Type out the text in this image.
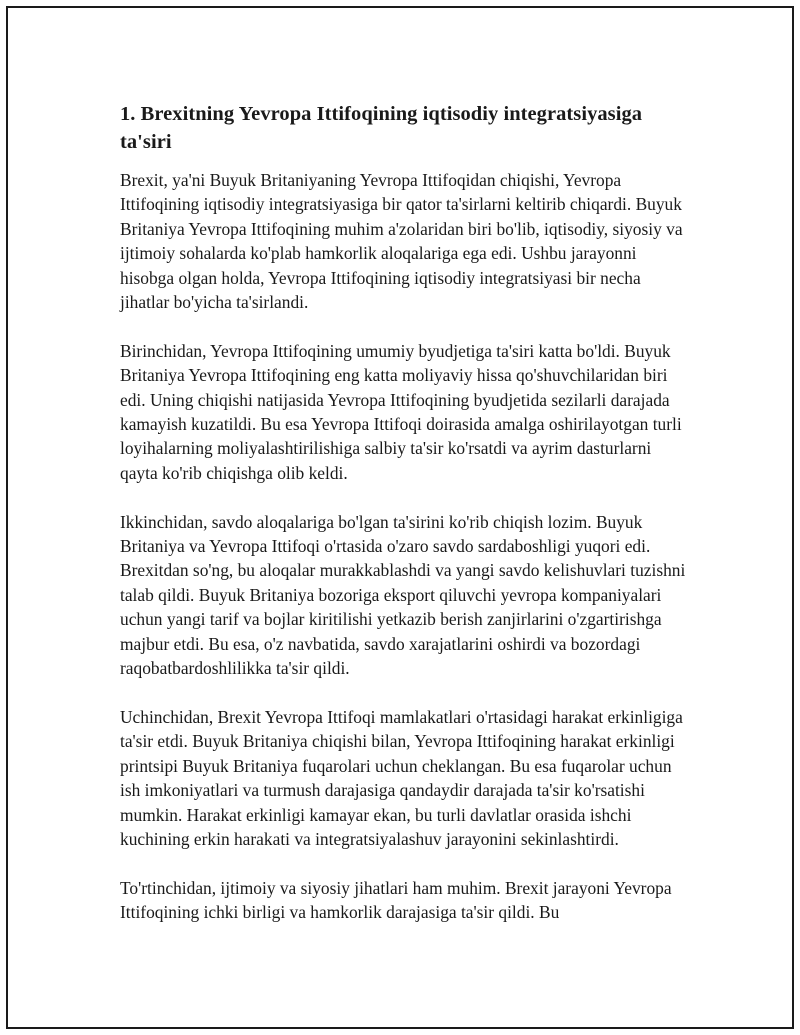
1. Brexitning Yevropa Ittifoqining iqtisodiy integratsiyasiga ta'siri

Brexit, ya'ni Buyuk Britaniyaning Yevropa Ittifoqidan chiqishi, Yevropa Ittifoqining iqtisodiy integratsiyasiga bir qator ta'sirlarni keltirib chiqardi. Buyuk Britaniya Yevropa Ittifoqining muhim a'zolaridan biri bo'lib, iqtisodiy, siyosiy va ijtimoiy sohalarda ko'plab hamkorlik aloqalariga ega edi. Ushbu jarayonni hisobga olgan holda, Yevropa Ittifoqining iqtisodiy integratsiyasi bir necha jihatlar bo'yicha ta'sirlandi.

Birinchidan, Yevropa Ittifoqining umumiy byudjetiga ta'siri katta bo'ldi. Buyuk Britaniya Yevropa Ittifoqining eng katta moliyaviy hissa qo'shuvchilaridan biri edi. Uning chiqishi natijasida Yevropa Ittifoqining byudjetida sezilarli darajada kamayish kuzatildi. Bu esa Yevropa Ittifoqi doirasida amalga oshirilayotgan turli loyihalarning moliyalashtirilishiga salbiy ta'sir ko'rsatdi va ayrim dasturlarni qayta ko'rib chiqishga olib keldi.

Ikkinchidan, savdo aloqalariga bo'lgan ta'sirini ko'rib chiqish lozim. Buyuk Britaniya va Yevropa Ittifoqi o'rtasida o'zaro savdo sardaboshligi yuqori edi. Brexitdan so'ng, bu aloqalar murakkablashdi va yangi savdo kelishuvlari tuzishni talab qildi. Buyuk Britaniya bozoriga eksport qiluvchi yevropa kompaniyalari uchun yangi tarif va bojlar kiritilishi yetkazib berish zanjirlarini o'zgartirishga majbur etdi. Bu esa, o'z navbatida, savdo xarajatlarini oshirdi va bozordagi raqobatbardoshlilikka ta'sir qildi.

Uchinchidan, Brexit Yevropa Ittifoqi mamlakatlari o'rtasidagi harakat erkinligiga ta'sir etdi. Buyuk Britaniya chiqishi bilan, Yevropa Ittifoqining harakat erkinligi printsipi Buyuk Britaniya fuqarolari uchun cheklangan. Bu esa fuqarolar uchun ish imkoniyatlari va turmush darajasiga qandaydir darajada ta'sir ko'rsatishi mumkin. Harakat erkinligi kamayar ekan, bu turli davlatlar orasida ishchi kuchining erkin harakati va integratsiyalashuv jarayonini sekinlashtirdi.

To'rtinchidan, ijtimoiy va siyosiy jihatlari ham muhim. Brexit jarayoni Yevropa Ittifoqining ichki birligi va hamkorlik darajasiga ta'sir qildi. Bu
